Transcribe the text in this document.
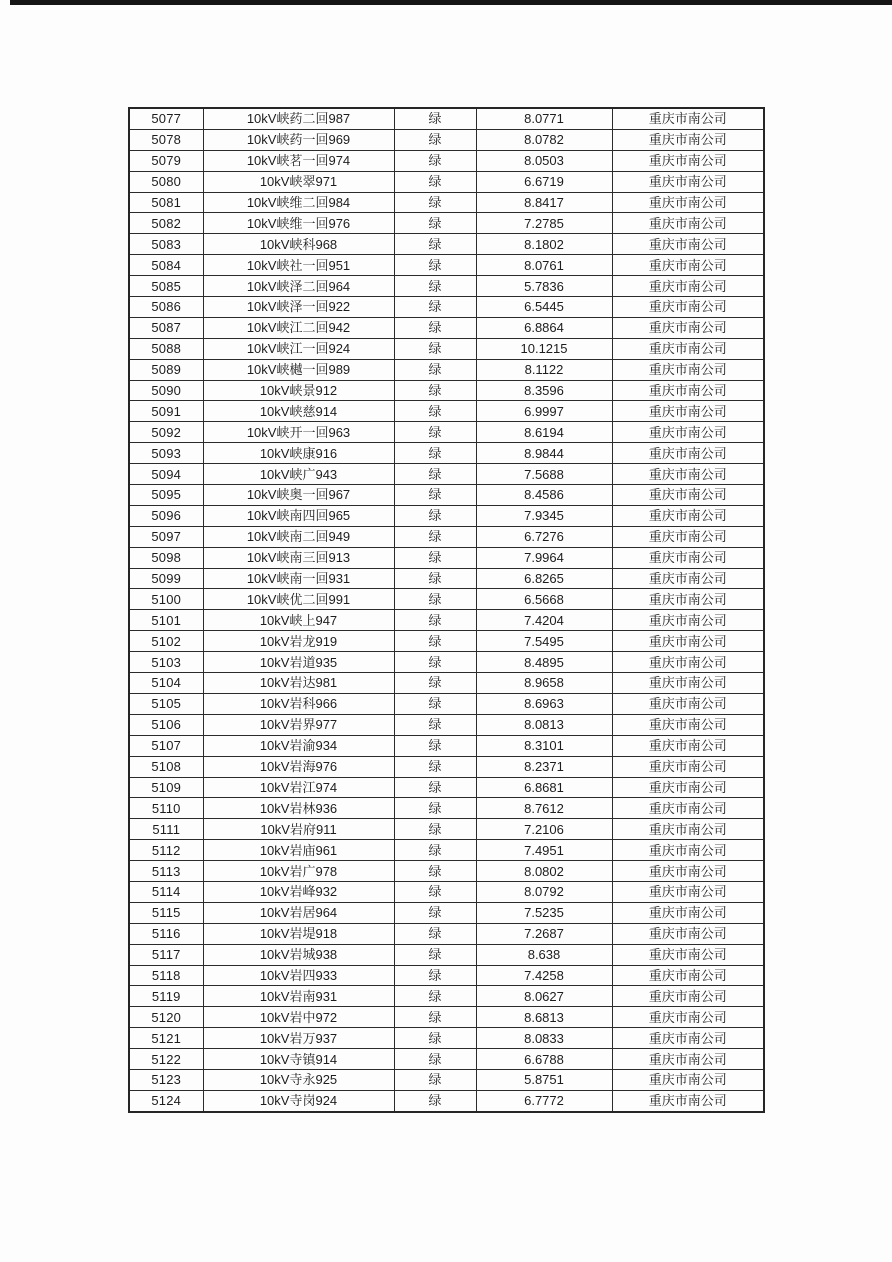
5077	10kV峡药二回987	绿	8.0771	重庆市南公司
5078	10kV峡药一回969	绿	8.0782	重庆市南公司
5079	10kV峡茗一回974	绿	8.0503	重庆市南公司
5080	10kV峡翠971	绿	6.6719	重庆市南公司
5081	10kV峡维二回984	绿	8.8417	重庆市南公司
5082	10kV峡维一回976	绿	7.2785	重庆市南公司
5083	10kV峡科968	绿	8.1802	重庆市南公司
5084	10kV峡社一回951	绿	8.0761	重庆市南公司
5085	10kV峡泽二回964	绿	5.7836	重庆市南公司
5086	10kV峡泽一回922	绿	6.5445	重庆市南公司
5087	10kV峡江二回942	绿	6.8864	重庆市南公司
5088	10kV峡江一回924	绿	10.1215	重庆市南公司
5089	10kV峡樾一回989	绿	8.1122	重庆市南公司
5090	10kV峡景912	绿	8.3596	重庆市南公司
5091	10kV峡慈914	绿	6.9997	重庆市南公司
5092	10kV峡开一回963	绿	8.6194	重庆市南公司
5093	10kV峡康916	绿	8.9844	重庆市南公司
5094	10kV峡广943	绿	7.5688	重庆市南公司
5095	10kV峡奥一回967	绿	8.4586	重庆市南公司
5096	10kV峡南四回965	绿	7.9345	重庆市南公司
5097	10kV峡南二回949	绿	6.7276	重庆市南公司
5098	10kV峡南三回913	绿	7.9964	重庆市南公司
5099	10kV峡南一回931	绿	6.8265	重庆市南公司
5100	10kV峡优二回991	绿	6.5668	重庆市南公司
5101	10kV峡上947	绿	7.4204	重庆市南公司
5102	10kV岩龙919	绿	7.5495	重庆市南公司
5103	10kV岩道935	绿	8.4895	重庆市南公司
5104	10kV岩达981	绿	8.9658	重庆市南公司
5105	10kV岩科966	绿	8.6963	重庆市南公司
5106	10kV岩界977	绿	8.0813	重庆市南公司
5107	10kV岩渝934	绿	8.3101	重庆市南公司
5108	10kV岩海976	绿	8.2371	重庆市南公司
5109	10kV岩江974	绿	6.8681	重庆市南公司
5110	10kV岩林936	绿	8.7612	重庆市南公司
5111	10kV岩府911	绿	7.2106	重庆市南公司
5112	10kV岩庙961	绿	7.4951	重庆市南公司
5113	10kV岩广978	绿	8.0802	重庆市南公司
5114	10kV岩峰932	绿	8.0792	重庆市南公司
5115	10kV岩居964	绿	7.5235	重庆市南公司
5116	10kV岩堤918	绿	7.2687	重庆市南公司
5117	10kV岩城938	绿	8.638	重庆市南公司
5118	10kV岩四933	绿	7.4258	重庆市南公司
5119	10kV岩南931	绿	8.0627	重庆市南公司
5120	10kV岩中972	绿	8.6813	重庆市南公司
5121	10kV岩万937	绿	8.0833	重庆市南公司
5122	10kV寺镇914	绿	6.6788	重庆市南公司
5123	10kV寺永925	绿	5.8751	重庆市南公司
5124	10kV寺岗924	绿	6.7772	重庆市南公司
